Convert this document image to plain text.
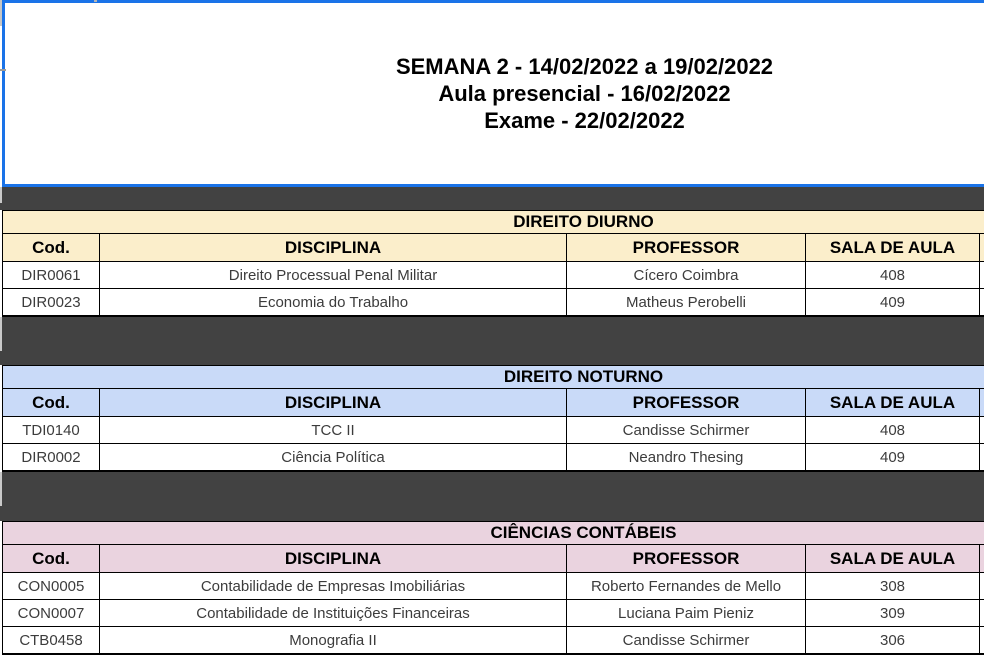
SEMANA 2 - 14/02/2022 a 19/02/2022
Aula presencial - 16/02/2022
Exame - 22/02/2022
DIREITO DIURNO
Cod.	DISCIPLINA	PROFESSOR	SALA DE AULA
DIR0061	Direito Processual Penal Militar	Cícero Coimbra	408
DIR0023	Economia do Trabalho	Matheus Perobelli	409
DIREITO NOTURNO
Cod.	DISCIPLINA	PROFESSOR	SALA DE AULA
TDI0140	TCC II	Candisse Schirmer	408
DIR0002	Ciência Política	Neandro Thesing	409
CIÊNCIAS CONTÁBEIS
Cod.	DISCIPLINA	PROFESSOR	SALA DE AULA
CON0005	Contabilidade de Empresas Imobiliárias	Roberto Fernandes de Mello	308
CON0007	Contabilidade de Instituições Financeiras	Luciana Paim Pieniz	309
CTB0458	Monografia II	Candisse Schirmer	306
